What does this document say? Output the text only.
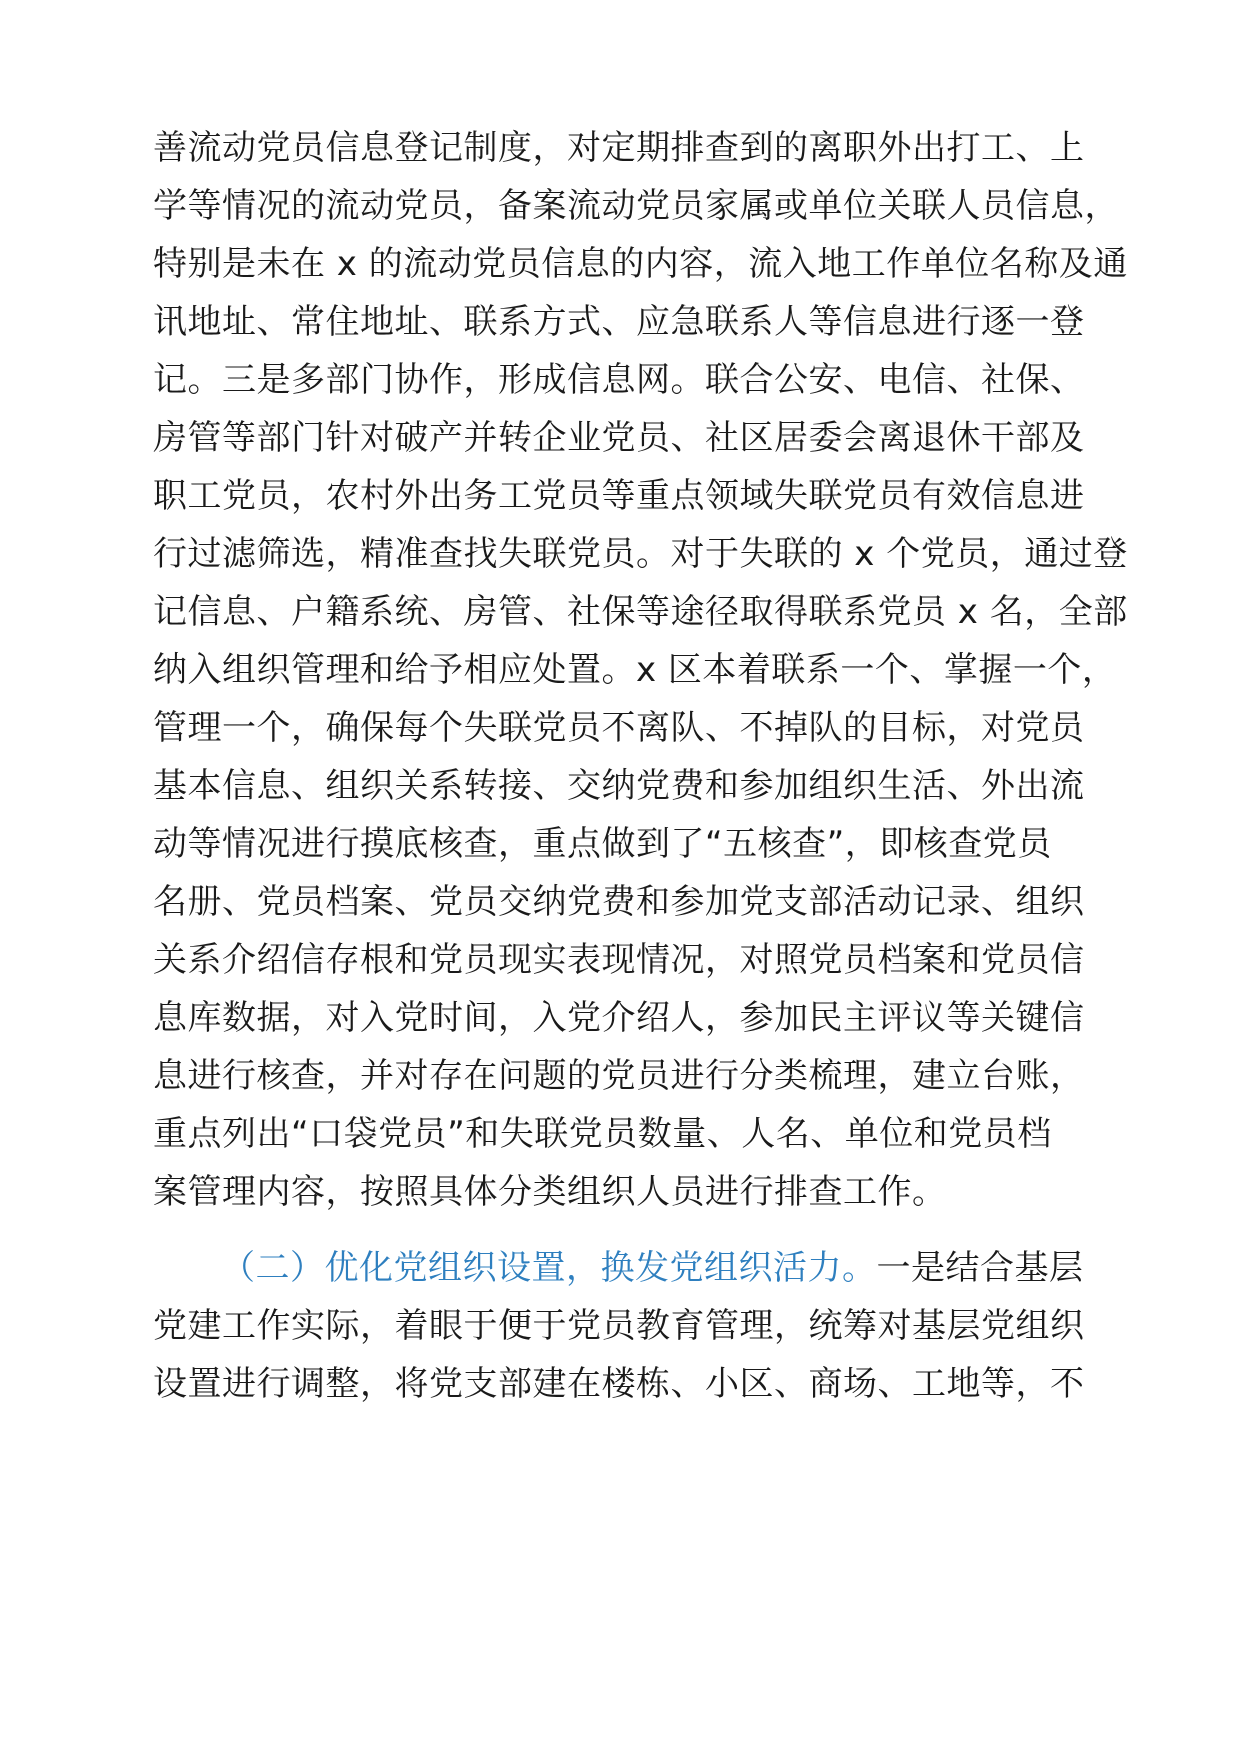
善流动党员信息登记制度，对定期排查到的离职外出打工、上
学等情况的流动党员，备案流动党员家属或单位关联人员信息，
特别是未在 x 的流动党员信息的内容，流入地工作单位名称及通
讯地址、常住地址、联系方式、应急联系人等信息进行逐一登
记。三是多部门协作，形成信息网。联合公安、电信、社保、
房管等部门针对破产并转企业党员、社区居委会离退休干部及
职工党员，农村外出务工党员等重点领域失联党员有效信息进
行过滤筛选，精准查找失联党员。对于失联的 x 个党员，通过登
记信息、户籍系统、房管、社保等途径取得联系党员 x 名，全部
纳入组织管理和给予相应处置。x 区本着联系一个、掌握一个，
管理一个，确保每个失联党员不离队、不掉队的目标，对党员
基本信息、组织关系转接、交纳党费和参加组织生活、外出流
动等情况进行摸底核查，重点做到了“五核查”，即核查党员
名册、党员档案、党员交纳党费和参加党支部活动记录、组织
关系介绍信存根和党员现实表现情况，对照党员档案和党员信
息库数据，对入党时间，入党介绍人，参加民主评议等关键信
息进行核查，并对存在问题的党员进行分类梳理，建立台账，
重点列出“口袋党员”和失联党员数量、人名、单位和党员档
案管理内容，按照具体分类组织人员进行排查工作。
（二）优化党组织设置，换发党组织活力。一是结合基层
党建工作实际，着眼于便于党员教育管理，统筹对基层党组织
设置进行调整，将党支部建在楼栋、小区、商场、工地等，不
